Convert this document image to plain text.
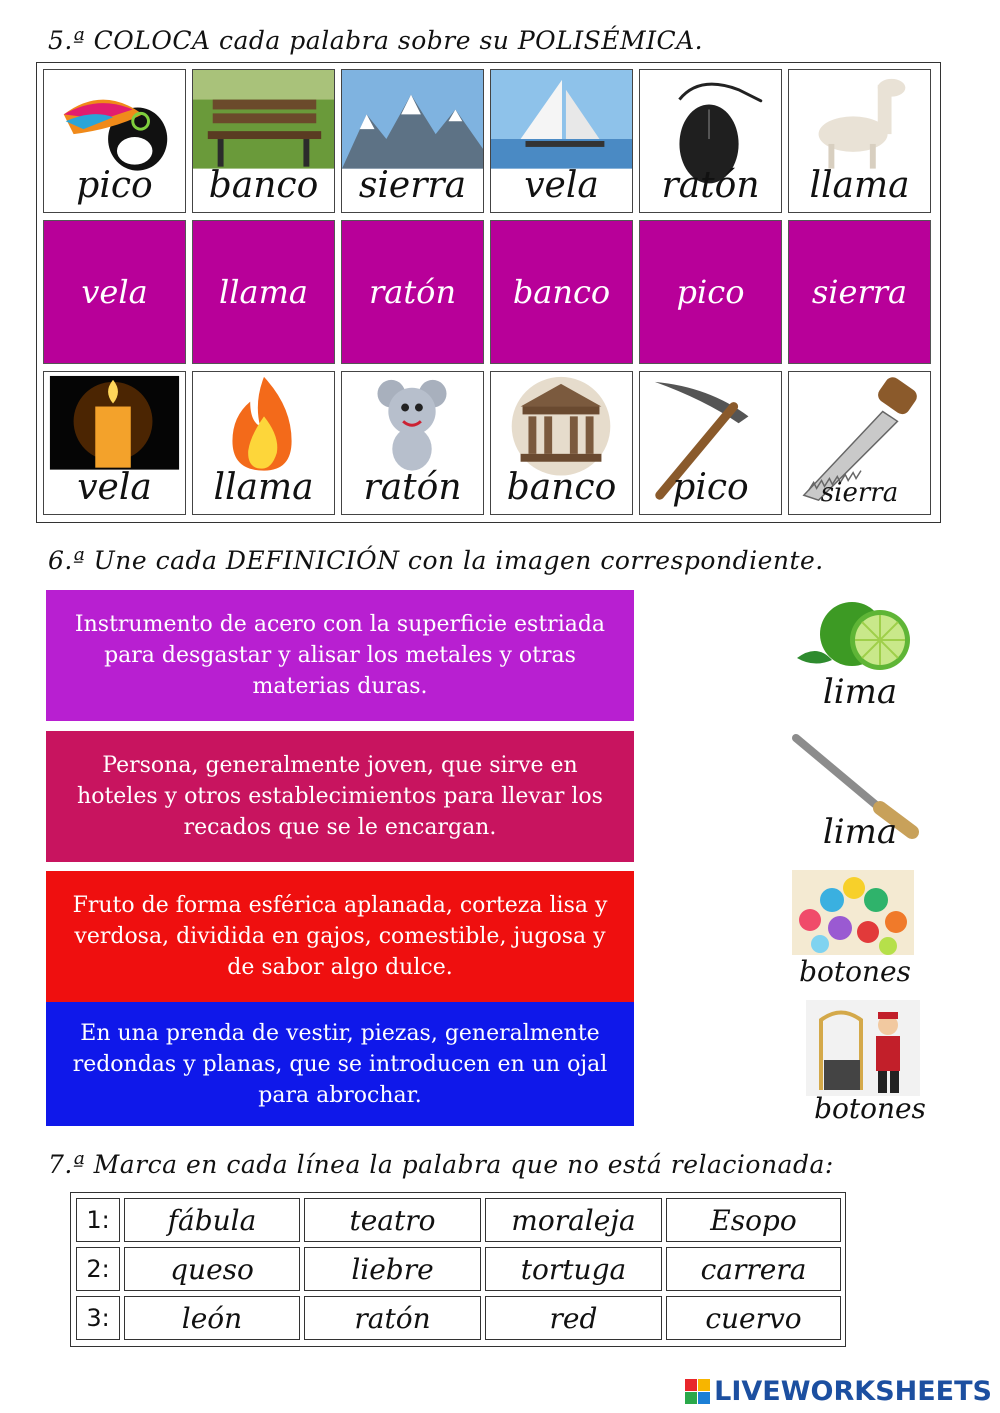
5.ª COLOCA cada palabra sobre su POLISÉMICA.
pico	banco	sierra	vela	ratón	llama
vela	llama	ratón	banco	pico	sierra
vela	llama	ratón	banco	pico	sierra
6.ª Une cada DEFINICIÓN con la imagen correspondiente.
Instrumento de acero con la superficie estriada para desgastar y alisar los metales y otras materias duras.
Persona, generalmente joven, que sirve en hoteles y otros establecimientos para llevar los recados que se le encargan.
Fruto de forma esférica aplanada, corteza lisa y verdosa, dividida en gajos, comestible, jugosa y de sabor algo dulce.
En una prenda de vestir, piezas, generalmente redondas y planas, que se introducen en un ojal para abrochar.
lima
lima
botones
botones
7.ª Marca en cada línea la palabra que no está relacionada:
1:	fábula	teatro	moraleja	Esopo
2:	queso	liebre	tortuga	carrera
3:	león	ratón	red	cuervo
LIVEWORKSHEETS
